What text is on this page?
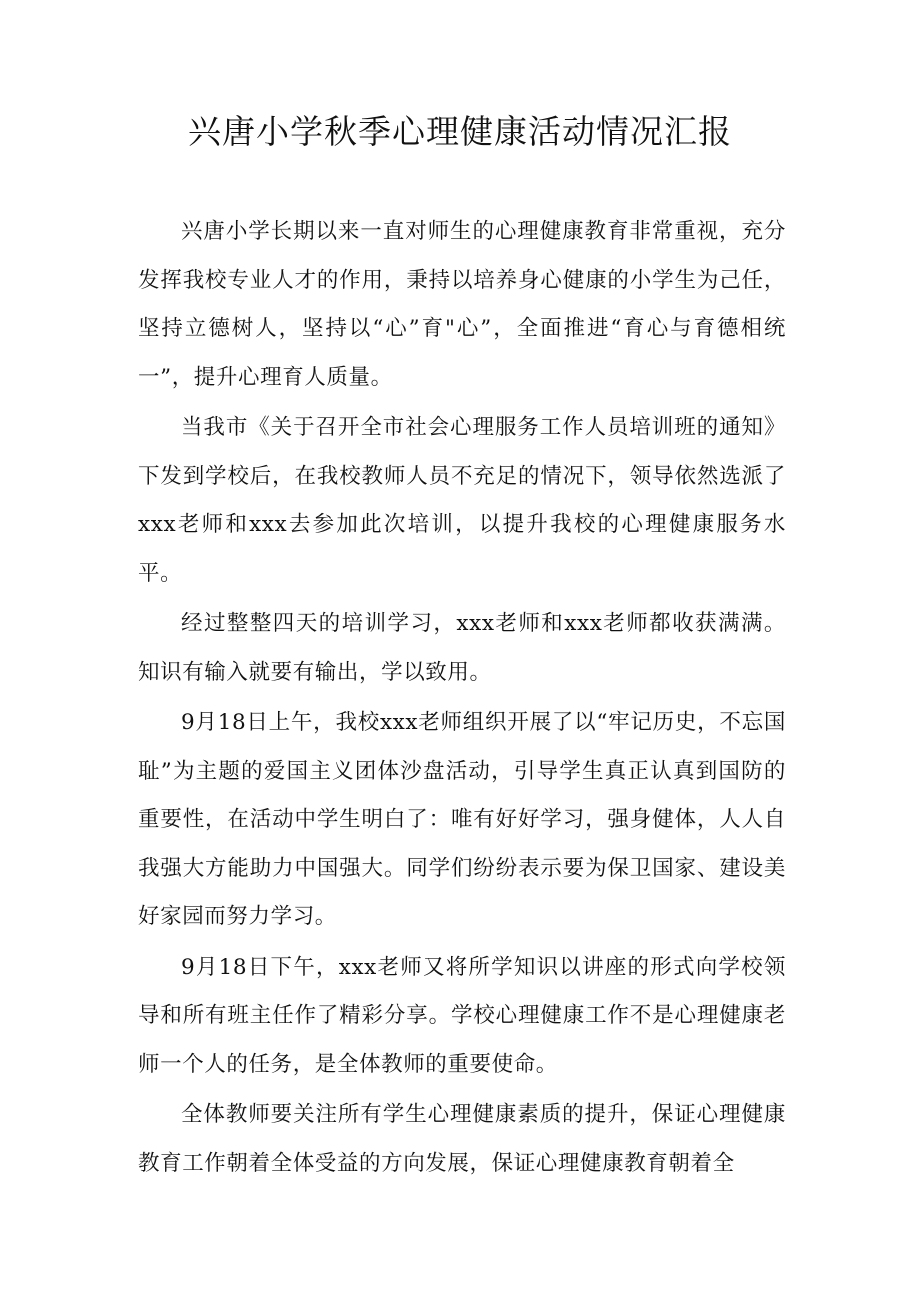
兴唐小学秋季心理健康活动情况汇报

兴唐小学长期以来一直对师生的心理健康教育非常重视，充分发挥我校专业人才的作用，秉持以培养身心健康的小学生为己任，坚持立德树人，坚持以“心”育"心”，全面推进“育心与育德相统一”，提升心理育人质量。

当我市《关于召开全市社会心理服务工作人员培训班的通知》下发到学校后，在我校教师人员不充足的情况下，领导依然选派了xxx老师和xxx去参加此次培训，以提升我校的心理健康服务水平。

经过整整四天的培训学习，xxx老师和xxx老师都收获满满。知识有输入就要有输出，学以致用。

9月18日上午，我校xxx老师组织开展了以“牢记历史，不忘国耻”为主题的爱国主义团体沙盘活动，引导学生真正认真到国防的重要性，在活动中学生明白了：唯有好好学习，强身健体，人人自我强大方能助力中国强大。同学们纷纷表示要为保卫国家、建设美好家园而努力学习。

9月18日下午，xxx老师又将所学知识以讲座的形式向学校领导和所有班主任作了精彩分享。学校心理健康工作不是心理健康老师一个人的任务，是全体教师的重要使命。

全体教师要关注所有学生心理健康素质的提升，保证心理健康教育工作朝着全体受益的方向发展，保证心理健康教育朝着全
